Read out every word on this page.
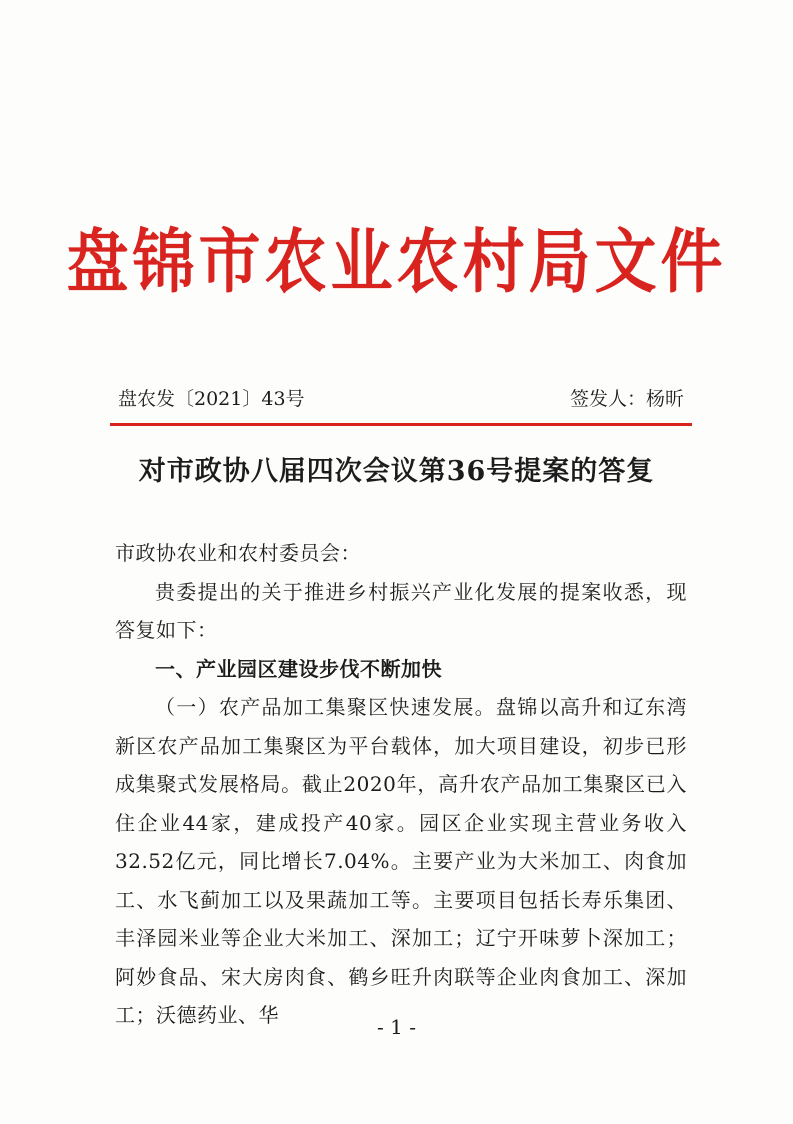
盘锦市农业农村局文件
盘农发〔2021〕43号	签发人：杨昕
对市政协八届四次会议第36号提案的答复

市政协农业和农村委员会：

贵委提出的关于推进乡村振兴产业化发展的提案收悉，现答复如下：

一、产业园区建设步伐不断加快

（一）农产品加工集聚区快速发展。盘锦以高升和辽东湾新区农产品加工集聚区为平台载体，加大项目建设，初步已形成集聚式发展格局。截止2020年，高升农产品加工集聚区已入住企业44家，建成投产40家。园区企业实现主营业务收入32.52亿元，同比增长7.04%。主要产业为大米加工、肉食加工、水飞蓟加工以及果蔬加工等。主要项目包括长寿乐集团、丰泽园米业等企业大米加工、深加工；辽宁开味萝卜深加工；阿妙食品、宋大房肉食、鹤乡旺升肉联等企业肉食加工、深加工；沃德药业、华	- 1 -
